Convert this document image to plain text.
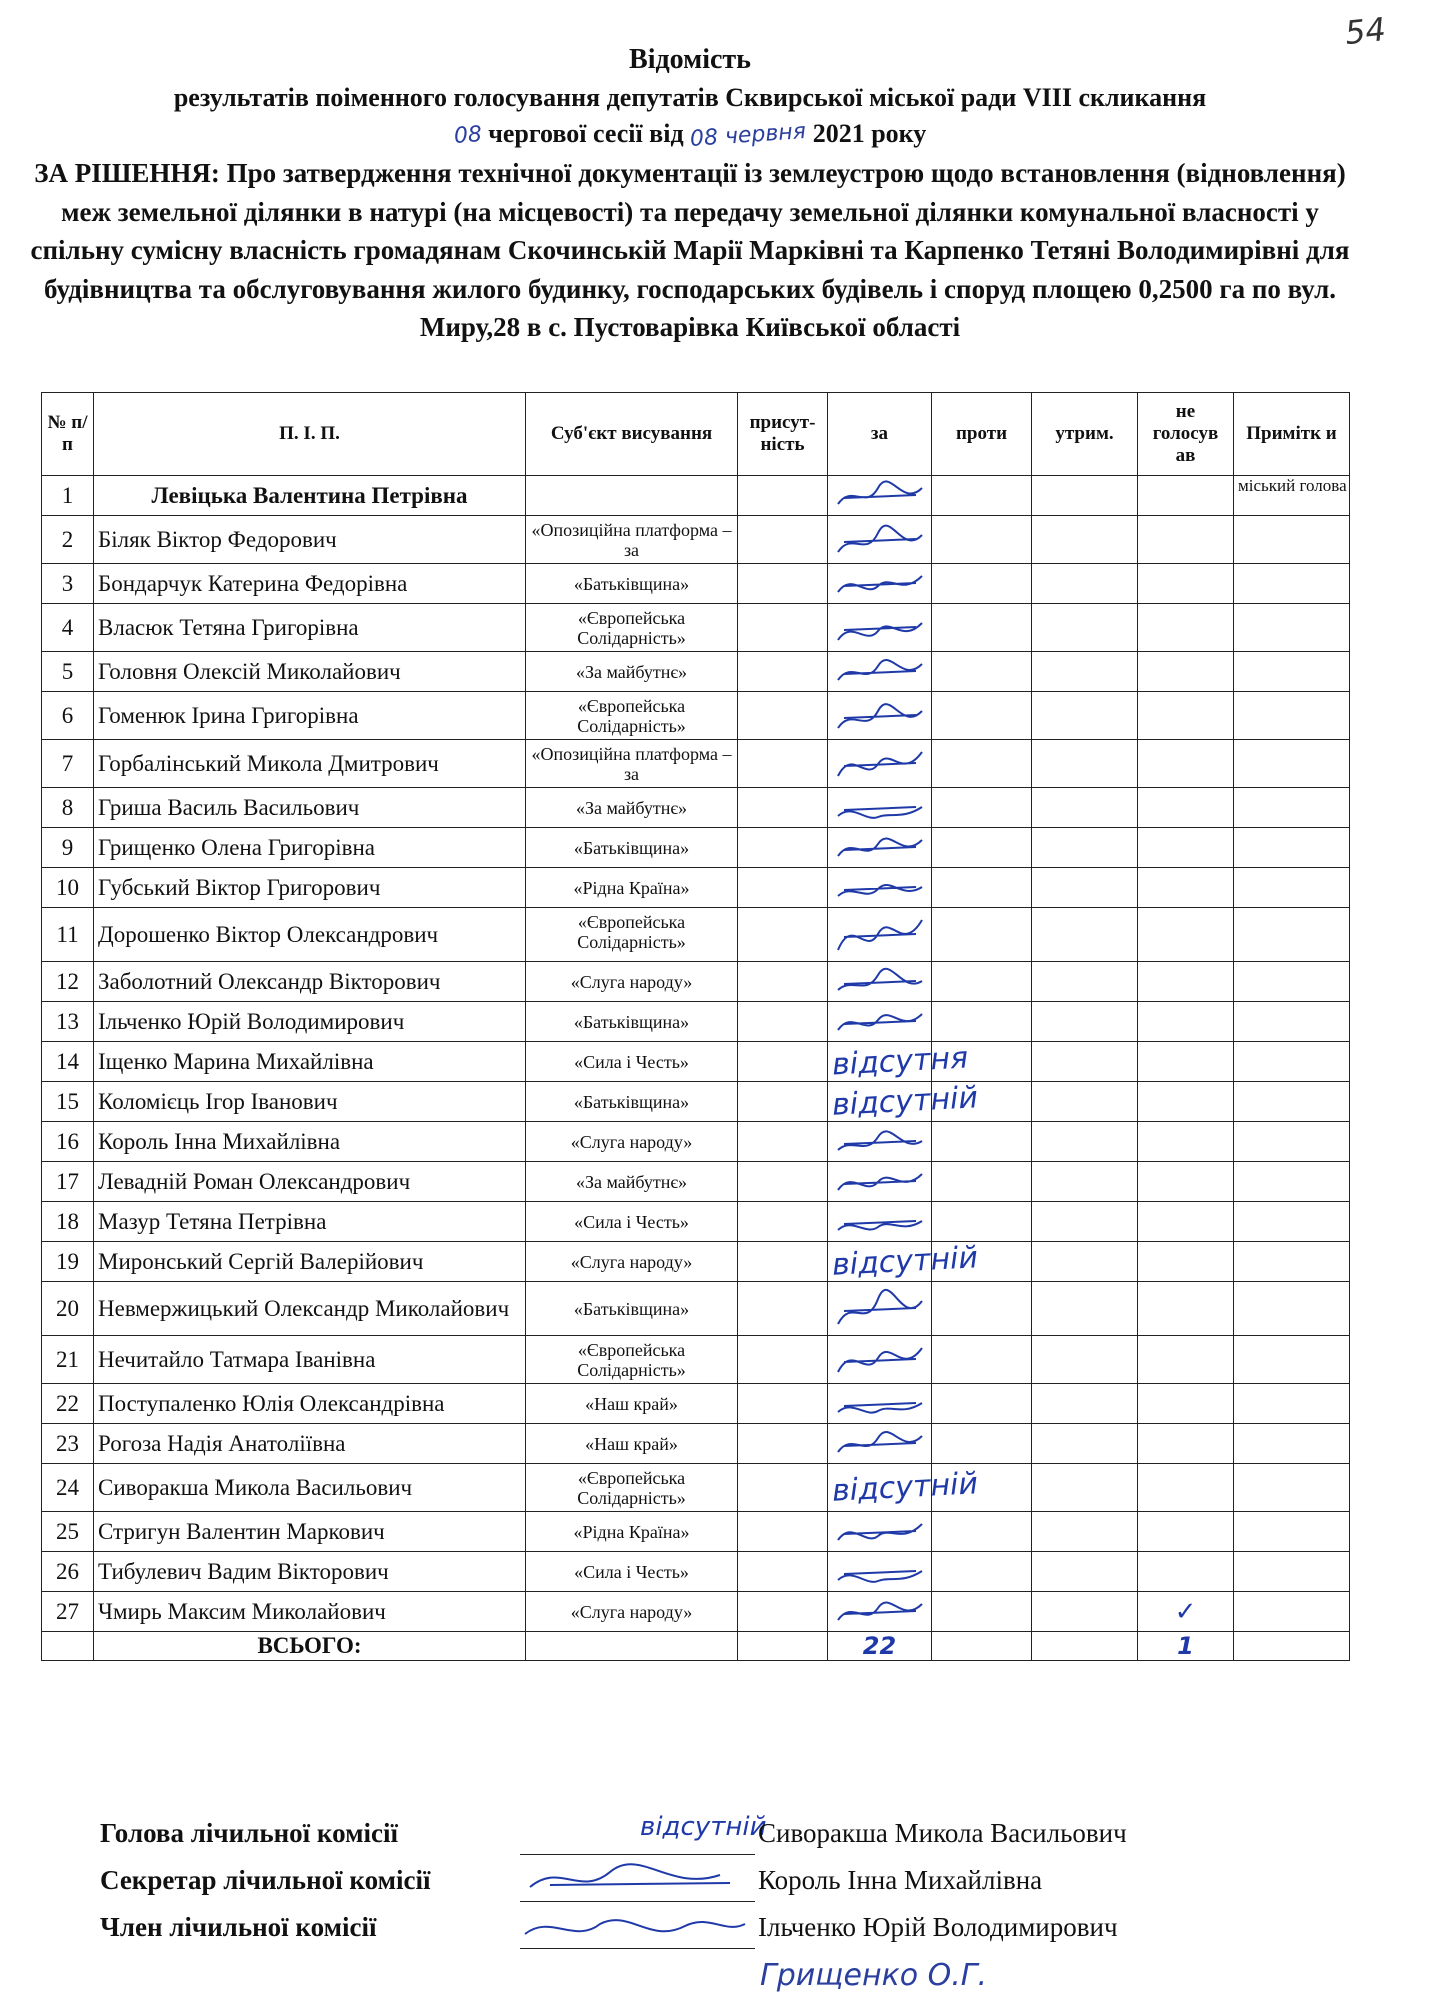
54
Відомість
результатів поіменного голосування депутатів Сквирської міської ради VIII скликання
08 чергової сесії від 08 червня 2021 року
ЗА РІШЕННЯ: Про затвердження технічної документації із землеустрою щодо встановлення (відновлення) меж земельної ділянки в натурі (на місцевості) та передачу земельної ділянки комунальної власності у спільну сумісну власність громадянам Скочинській Марії Марківні та Карпенко Тетяні Володимирівні для будівництва та обслуговування жилого будинку, господарських будівель і споруд площею 0,2500 га по вул. Миру,28 в с. Пустоварівка Київської області
№ п/п	П. І. П.	Суб'єкт висування	присут-ність	за	проти	утрим.	не голосув ав	Примітк и
1	Левіцька Валентина Петрівна							міський голова
2	Біляк Віктор Федорович	«Опозиційна платформа – за		

3	Бондарчук Катерина Федорівна	«Батьківщина»		

4	Власюк Тетяна Григорівна	«Європейська Солідарність»		

5	Головня Олексій Миколайович	«За майбутнє»		

6	Гоменюк Ірина Григорівна	«Європейська Солідарність»		

7	Горбалінський Микола Дмитрович	«Опозиційна платформа – за		

8	Гриша Василь Васильович	«За майбутнє»		

9	Грищенко Олена Григорівна	«Батьківщина»		

10	Губський Віктор Григорович	«Рідна Країна»		

11	Дорошенко Віктор Олександрович	«Європейська Солідарність»		

12	Заболотний Олександр Вікторович	«Слуга народу»		

13	Ільченко Юрій Володимирович	«Батьківщина»		

14	Іщенко Марина Михайлівна	«Сила і Честь»		відсутня				
15	Коломієць Ігор Іванович	«Батьківщина»		відсутній				
16	Король Інна Михайлівна	«Слуга народу»		

17	Левадній Роман Олександрович	«За майбутнє»		

18	Мазур Тетяна Петрівна	«Сила і Честь»		

19	Миронський Сергій Валерійович	«Слуга народу»		відсутній				
20	Невмержицький Олександр Миколайович	«Батьківщина»		

21	Нечитайло Татмара Іванівна	«Європейська Солідарність»		

22	Поступаленко Юлія Олександрівна	«Наш край»		

23	Рогоза Надія Анатоліївна	«Наш край»		

24	Сиворакша Микола Васильович	«Європейська Солідарність»		відсутній				
25	Стригун Валентин Маркович	«Рідна Країна»		

26	Тибулевич Вадим Вікторович	«Сила і Честь»		

27	Чмирь Максим Миколайович	«Слуга народу»					✓	
	ВСЬОГО:			22			1	
Голова лічильної комісії	відсутній
Сиворакша Микола Васильович
Секретар лічильної комісії	Король Інна Михайлівна
Член лічильної комісії	Ільченко Юрій Володимирович
Грищенко О.Г.
